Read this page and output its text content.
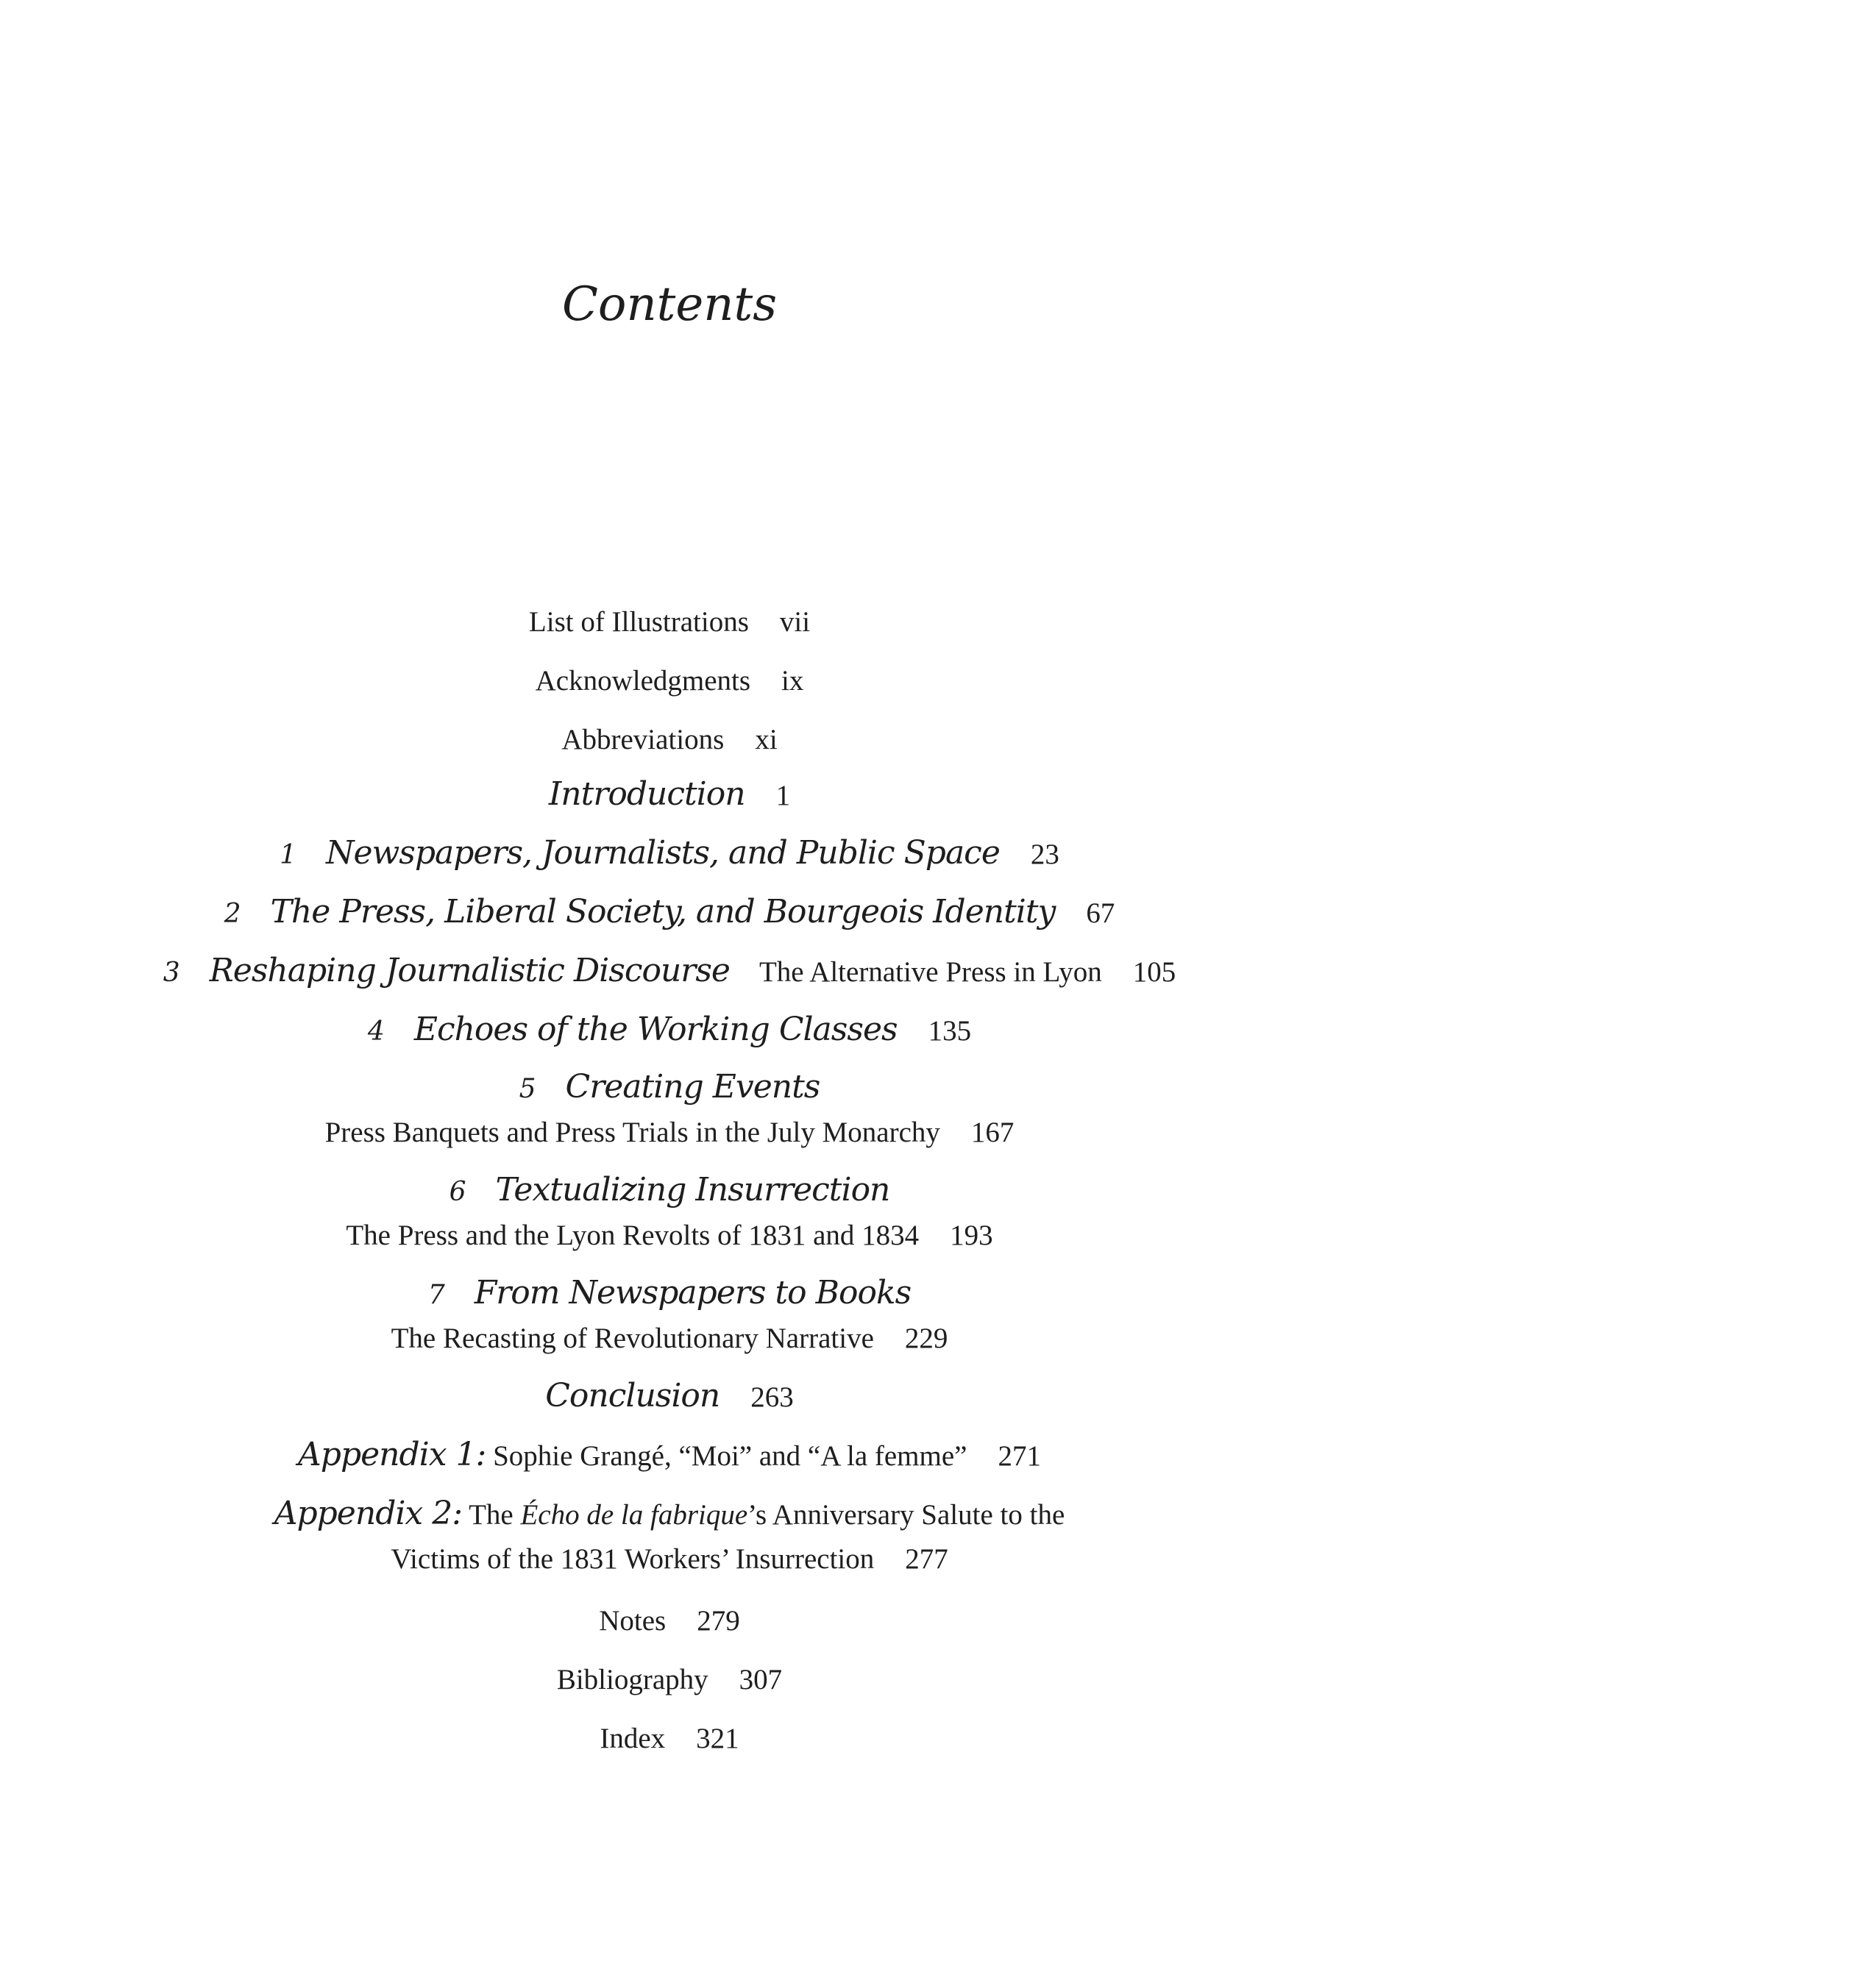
Contents
List of Illustrations vii
Acknowledgments ix
Abbreviations xi
Introduction 1
1 Newspapers, Journalists, and Public Space 23
2 The Press, Liberal Society, and Bourgeois Identity 67
3 Reshaping Journalistic Discourse The Alternative Press in Lyon 105
4 Echoes of the Working Classes 135
5 Creating Events
Press Banquets and Press Trials in the July Monarchy 167
6 Textualizing Insurrection
The Press and the Lyon Revolts of 1831 and 1834 193
7 From Newspapers to Books
The Recasting of Revolutionary Narrative 229
Conclusion 263
Appendix 1: Sophie Grangé, “Moi” and “A la femme” 271
Appendix 2: The Écho de la fabrique’s Anniversary Salute to the
Victims of the 1831 Workers’ Insurrection 277
Notes 279
Bibliography 307
Index 321
